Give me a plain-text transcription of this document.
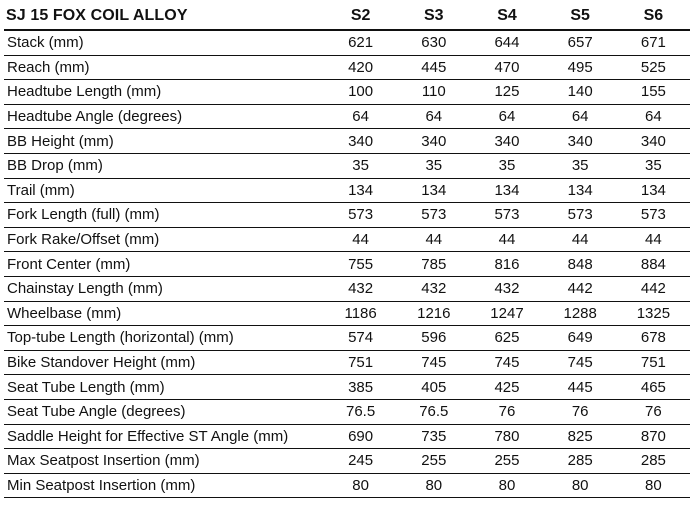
SJ 15 FOX COIL ALLOY	S2	S3	S4	S5	S6
Stack (mm)	621	630	644	657	671
Reach (mm)	420	445	470	495	525
Headtube Length (mm)	100	110	125	140	155
Headtube Angle (degrees)	64	64	64	64	64
BB Height (mm)	340	340	340	340	340
BB Drop (mm)	35	35	35	35	35
Trail (mm)	134	134	134	134	134
Fork Length (full) (mm)	573	573	573	573	573
Fork Rake/Offset (mm)	44	44	44	44	44
Front Center (mm)	755	785	816	848	884
Chainstay Length (mm)	432	432	432	442	442
Wheelbase (mm)	1186	1216	1247	1288	1325
Top-tube Length (horizontal) (mm)	574	596	625	649	678
Bike Standover Height (mm)	751	745	745	745	751
Seat Tube Length (mm)	385	405	425	445	465
Seat Tube Angle (degrees)	76.5	76.5	76	76	76
Saddle Height for Effective ST Angle (mm)	690	735	780	825	870
Max Seatpost Insertion (mm)	245	255	255	285	285
Min Seatpost Insertion (mm)	80	80	80	80	80
